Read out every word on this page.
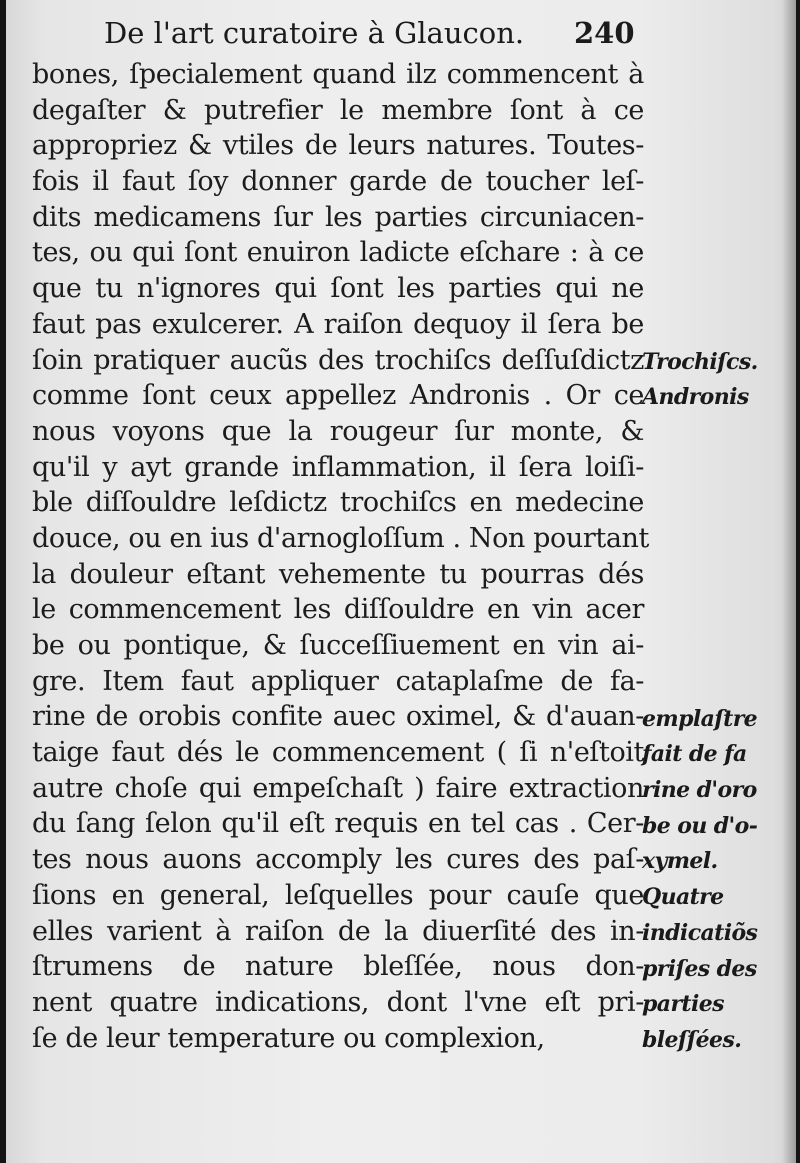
De l'art curatoire à Glaucon. 240
bones, ſpecialement quand ilz commencent à
degaſter & putrefier le membre ſont à ce
appropriez & vtiles de leurs natures. Toutes-
fois il faut ſoy donner garde de toucher leſ-
dits medicamens ſur les parties circuniacen-
tes, ou qui ſont enuiron ladicte eſchare : à ce
que tu n'ignores qui ſont les parties qui ne
faut pas exulcerer. A raiſon dequoy il ſera be
ſoin pratiquer aucũs des trochiſcs deſſuſdictz
comme ſont ceux appellez Andronis . Or ce
nous voyons que la rougeur ſur monte, &
qu'il y ayt grande inflammation, il ſera loiſi-
ble diſſouldre leſdictz trochiſcs en medecine
douce, ou en ius d'arnogloſſum . Non pourtant
la douleur eſtant vehemente tu pourras dés
le commencement les diſſouldre en vin acer
be ou pontique, & ſucceſſiuement en vin ai-
gre. Item faut appliquer cataplaſme de fa-
rine de orobis confite auec oximel, & d'auan-
taige faut dés le commencement ( ſi n'eſtoit
autre choſe qui empeſchaſt ) faire extraction
du ſang ſelon qu'il eſt requis en tel cas . Cer-
tes nous auons accomply les cures des paſ-
ſions en general, leſquelles pour cauſe que
elles varient à raiſon de la diuerſité des in-
ſtrumens de nature bleſſée, nous don-
nent quatre indications, dont l'vne eſt pri-
ſe de leur temperature ou complexion,
Trochiſcs.
Andronis
emplaſtre
fait de fa
rine d'oro
be ou d'o-
xymel.
Quatre
indicatiõs
priſes des
parties
bleſſées.
